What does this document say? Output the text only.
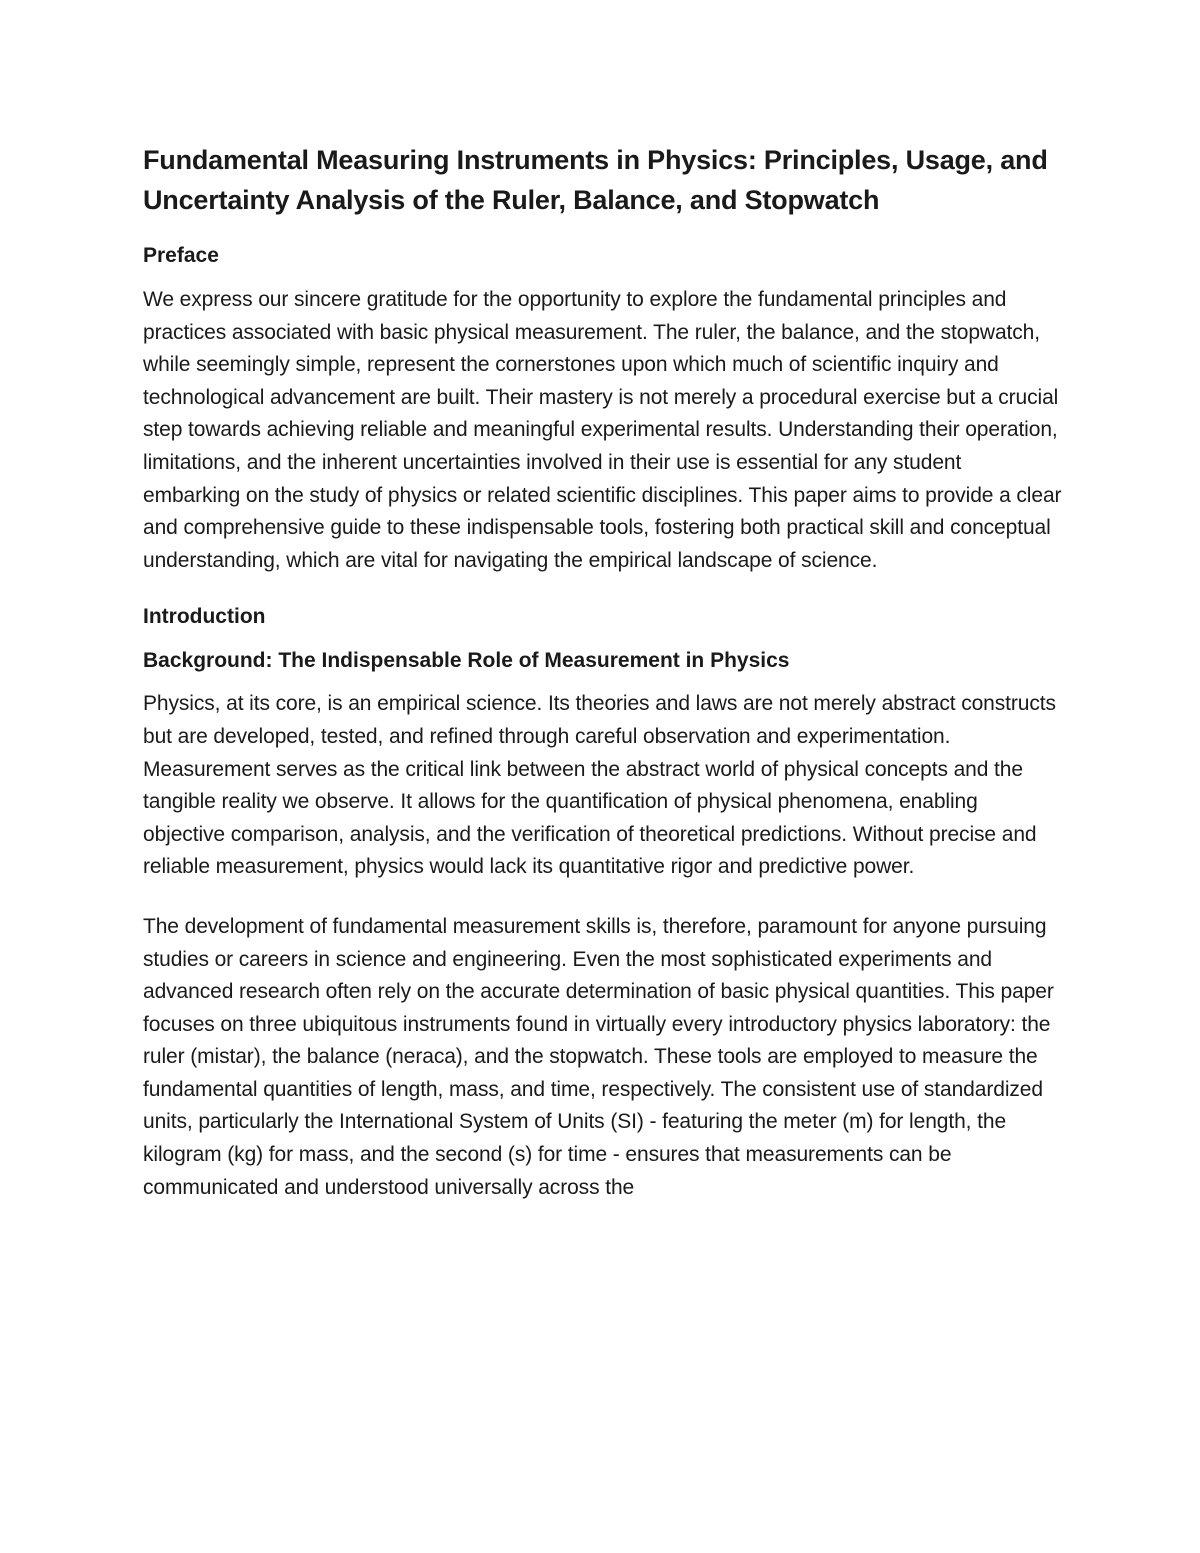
Fundamental Measuring Instruments in Physics: Principles, Usage, and Uncertainty Analysis of the Ruler, Balance, and Stopwatch
Preface

We express our sincere gratitude for the opportunity to explore the fundamental principles and practices associated with basic physical measurement. The ruler, the balance, and the stopwatch, while seemingly simple, represent the cornerstones upon which much of scientific inquiry and technological advancement are built. Their mastery is not merely a procedural exercise but a crucial step towards achieving reliable and meaningful experimental results. Understanding their operation, limitations, and the inherent uncertainties involved in their use is essential for any student embarking on the study of physics or related scientific disciplines. This paper aims to provide a clear and comprehensive guide to these indispensable tools, fostering both practical skill and conceptual understanding, which are vital for navigating the empirical landscape of science.

Introduction
Background: The Indispensable Role of Measurement in Physics

Physics, at its core, is an empirical science. Its theories and laws are not merely abstract constructs but are developed, tested, and refined through careful observation and experimentation. Measurement serves as the critical link between the abstract world of physical concepts and the tangible reality we observe. It allows for the quantification of physical phenomena, enabling objective comparison, analysis, and the verification of theoretical predictions. Without precise and reliable measurement, physics would lack its quantitative rigor and predictive power.

The development of fundamental measurement skills is, therefore, paramount for anyone pursuing studies or careers in science and engineering. Even the most sophisticated experiments and advanced research often rely on the accurate determination of basic physical quantities. This paper focuses on three ubiquitous instruments found in virtually every introductory physics laboratory: the ruler (mistar), the balance (neraca), and the stopwatch. These tools are employed to measure the fundamental quantities of length, mass, and time, respectively. The consistent use of standardized units, particularly the International System of Units (SI) - featuring the meter (m) for length, the kilogram (kg) for mass, and the second (s) for time - ensures that measurements can be communicated and understood universally across the
